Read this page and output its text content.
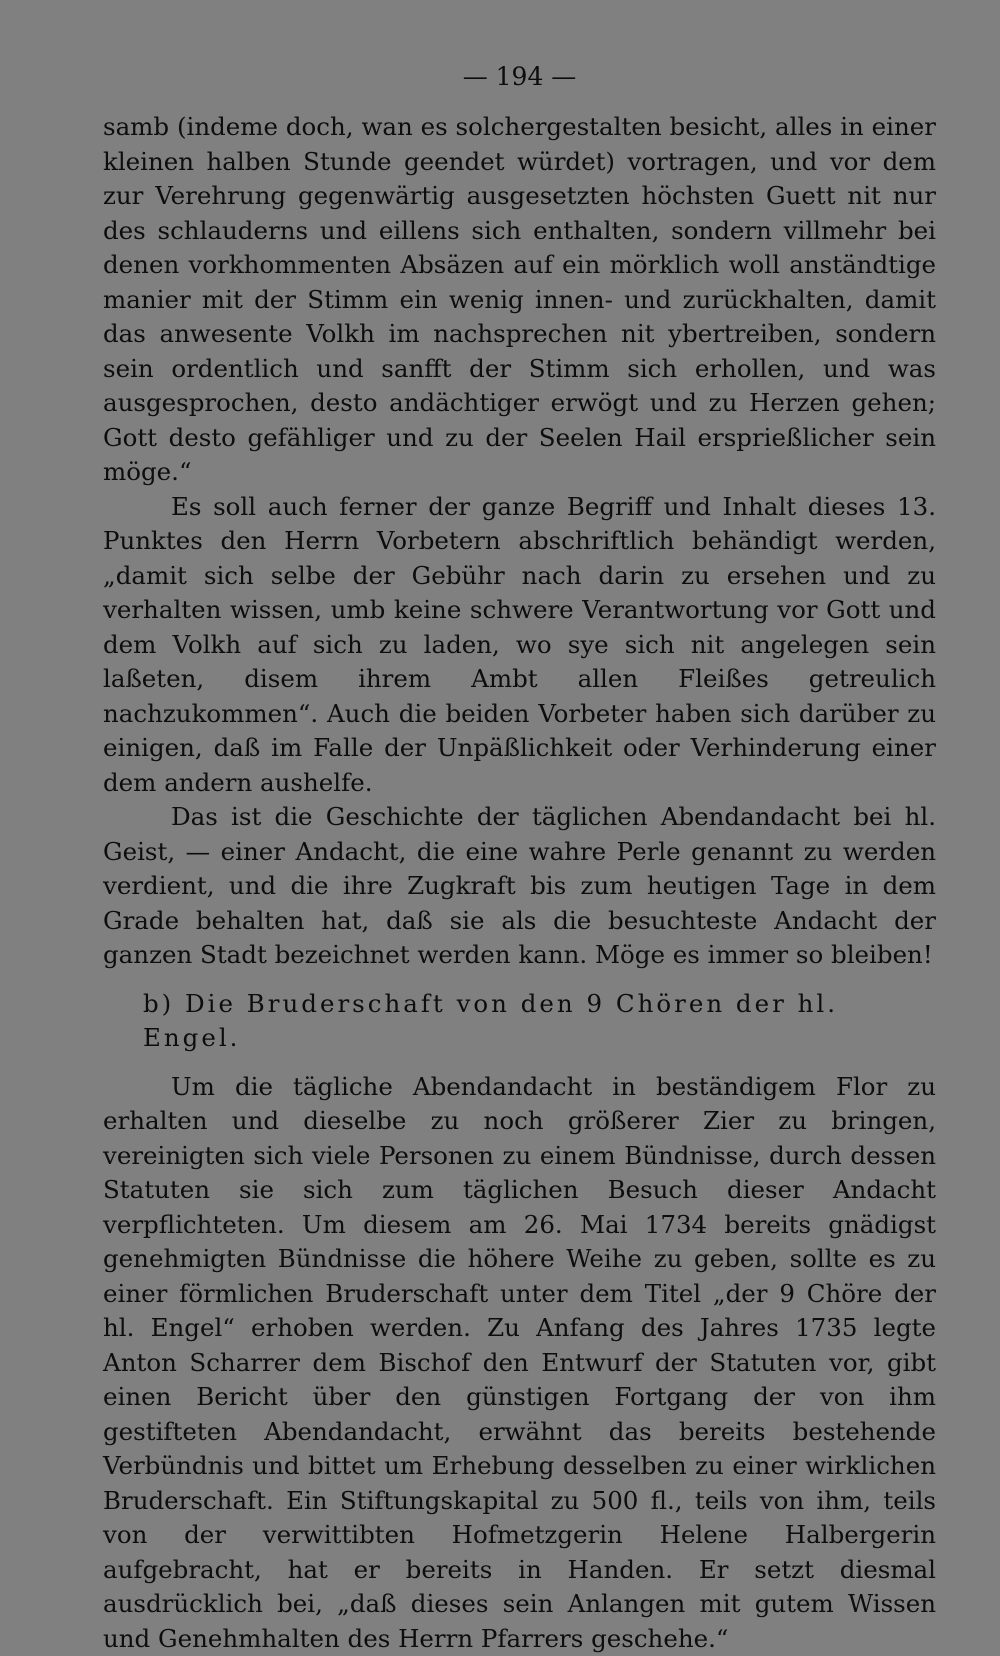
— 194 —

samb (indeme doch, wan es solchergestalten besicht, alles in einer kleinen halben Stunde geendet würdet) vortragen, und vor dem zur Verehrung gegenwärtig ausgesetzten höchsten Guett nit nur des schlauderns und eillens sich enthalten, sondern villmehr bei denen vorkhommenten Absäzen auf ein mörklich woll anständtige manier mit der Stimm ein wenig innen- und zurückhalten, damit das anwesente Volkh im nachsprechen nit ybertreiben, sondern sein ordentlich und sanfft der Stimm sich erhollen, und was ausgesprochen, desto andächtiger erwögt und zu Herzen gehen; Gott desto gefähliger und zu der Seelen Hail ersprießlicher sein möge.“

Es soll auch ferner der ganze Begriff und Inhalt dieses 13. Punktes den Herrn Vorbetern abschriftlich behändigt werden, „damit sich selbe der Gebühr nach darin zu ersehen und zu verhalten wissen, umb keine schwere Verantwortung vor Gott und dem Volkh auf sich zu laden, wo sye sich nit angelegen sein laßeten, disem ihrem Ambt allen Fleißes getreulich nachzukommen“. Auch die beiden Vorbeter haben sich darüber zu einigen, daß im Falle der Unpäßlichkeit oder Verhinderung einer dem andern aushelfe.

Das ist die Geschichte der täglichen Abendandacht bei hl. Geist, — einer Andacht, die eine wahre Perle genannt zu werden verdient, und die ihre Zugkraft bis zum heutigen Tage in dem Grade behalten hat, daß sie als die besuchteste Andacht der ganzen Stadt bezeichnet werden kann. Möge es immer so bleiben!

b) Die Bruderschaft von den 9 Chören der hl. Engel.

Um die tägliche Abendandacht in beständigem Flor zu erhalten und dieselbe zu noch größerer Zier zu bringen, vereinigten sich viele Personen zu einem Bündnisse, durch dessen Statuten sie sich zum täglichen Besuch dieser Andacht verpflichteten. Um diesem am 26. Mai 1734 bereits gnädigst genehmigten Bündnisse die höhere Weihe zu geben, sollte es zu einer förmlichen Bruderschaft unter dem Titel „der 9 Chöre der hl. Engel“ erhoben werden. Zu Anfang des Jahres 1735 legte Anton Scharrer dem Bischof den Entwurf der Statuten vor, gibt einen Bericht über den günstigen Fortgang der von ihm gestifteten Abendandacht, erwähnt das bereits bestehende Verbündnis und bittet um Erhebung desselben zu einer wirklichen Bruderschaft. Ein Stiftungskapital zu 500 fl., teils von ihm, teils von der verwittibten Hofmetzgerin Helene Halbergerin aufgebracht, hat er bereits in Handen. Er setzt diesmal ausdrücklich bei, „daß dieses sein Anlangen mit gutem Wissen und Genehmhalten des Herrn Pfarrers geschehe.“
